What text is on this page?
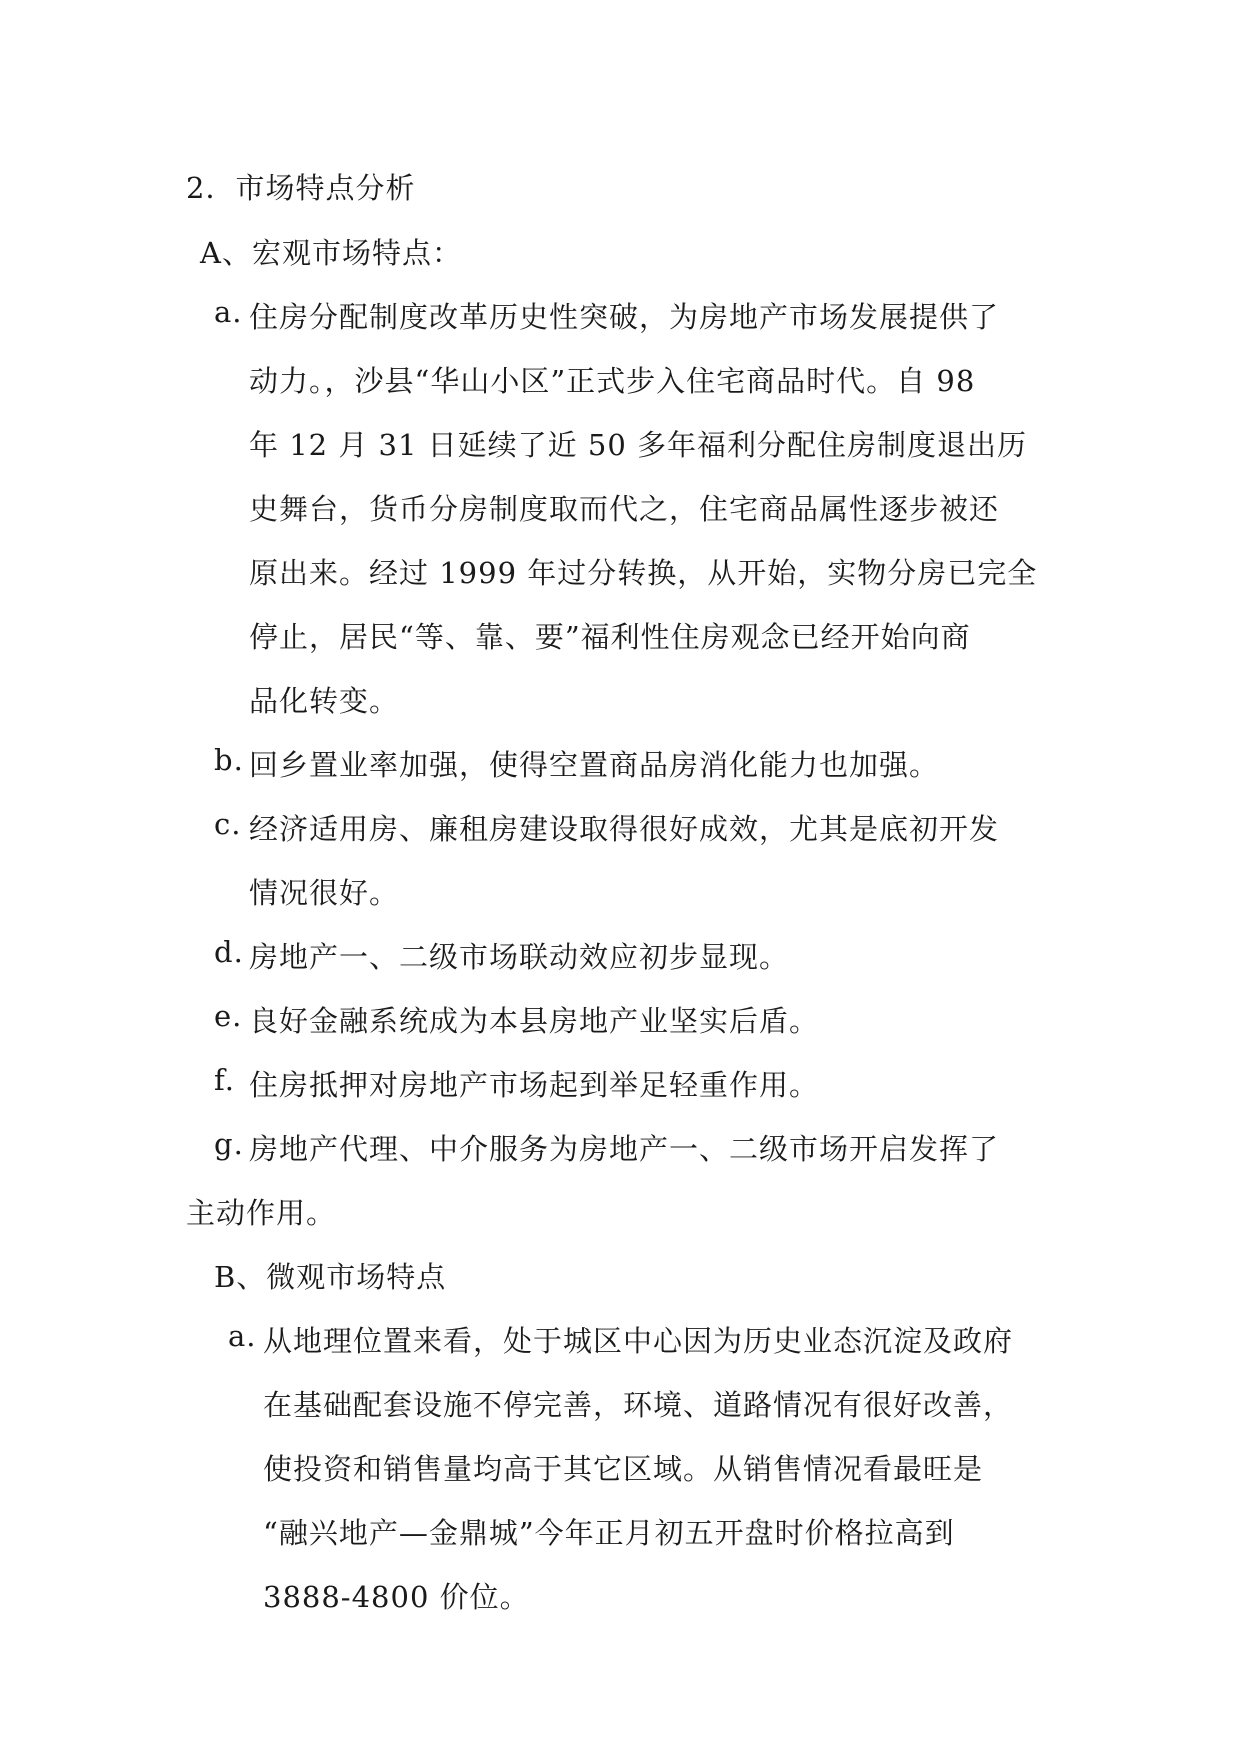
2．市场特点分析
A、宏观市场特点：
a. 住房分配制度改革历史性突破，为房地产市场发展提供了
动力。，沙县“华山小区”正式步入住宅商品时代。自 98
年 12 月 31 日延续了近 50 多年福利分配住房制度退出历
史舞台，货币分房制度取而代之，住宅商品属性逐步被还
原出来。经过 1999 年过分转换，从开始，实物分房已完全
停止，居民“等、靠、要”福利性住房观念已经开始向商
品化转变。
b. 回乡置业率加强，使得空置商品房消化能力也加强。
c. 经济适用房、廉租房建设取得很好成效，尤其是底初开发
情况很好。
d. 房地产一、二级市场联动效应初步显现。
e. 良好金融系统成为本县房地产业坚实后盾。
f. 住房抵押对房地产市场起到举足轻重作用。
g. 房地产代理、中介服务为房地产一、二级市场开启发挥了
主动作用。
B、微观市场特点
a. 从地理位置来看，处于城区中心因为历史业态沉淀及政府
在基础配套设施不停完善，环境、道路情况有很好改善，
使投资和销售量均高于其它区域。从销售情况看最旺是
“融兴地产—金鼎城”今年正月初五开盘时价格拉高到
3888-4800 价位。
